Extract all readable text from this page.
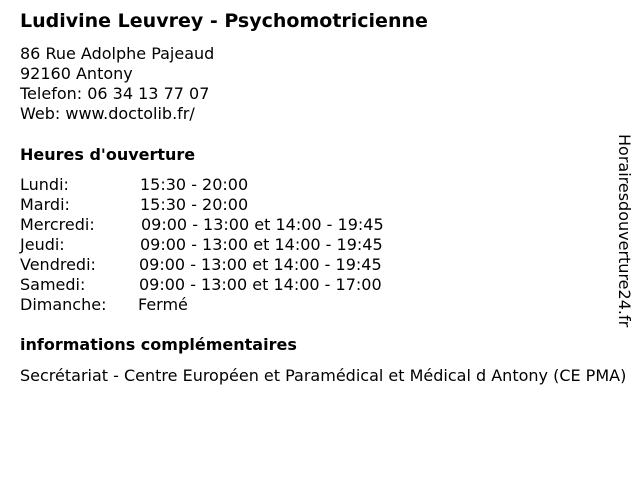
Ludivine Leuvrey - Psychomotricienne
86 Rue Adolphe Pajeaud
92160 Antony
Telefon: 06 34 13 77 07
Web: www.doctolib.fr/
Heures d'ouverture
Lundi:	15:30 - 20:00
Mardi:	15:30 - 20:00
Mercredi:	09:00 - 13:00 et 14:00 - 19:45
Jeudi:	09:00 - 13:00 et 14:00 - 19:45
Vendredi:	09:00 - 13:00 et 14:00 - 19:45
Samedi:	09:00 - 13:00 et 14:00 - 17:00
Dimanche: Fermé
informations complémentaires
Secrétariat - Centre Européen et Paramédical et Médical d Antony (CE PMA)
Horairesdouverture24.fr
